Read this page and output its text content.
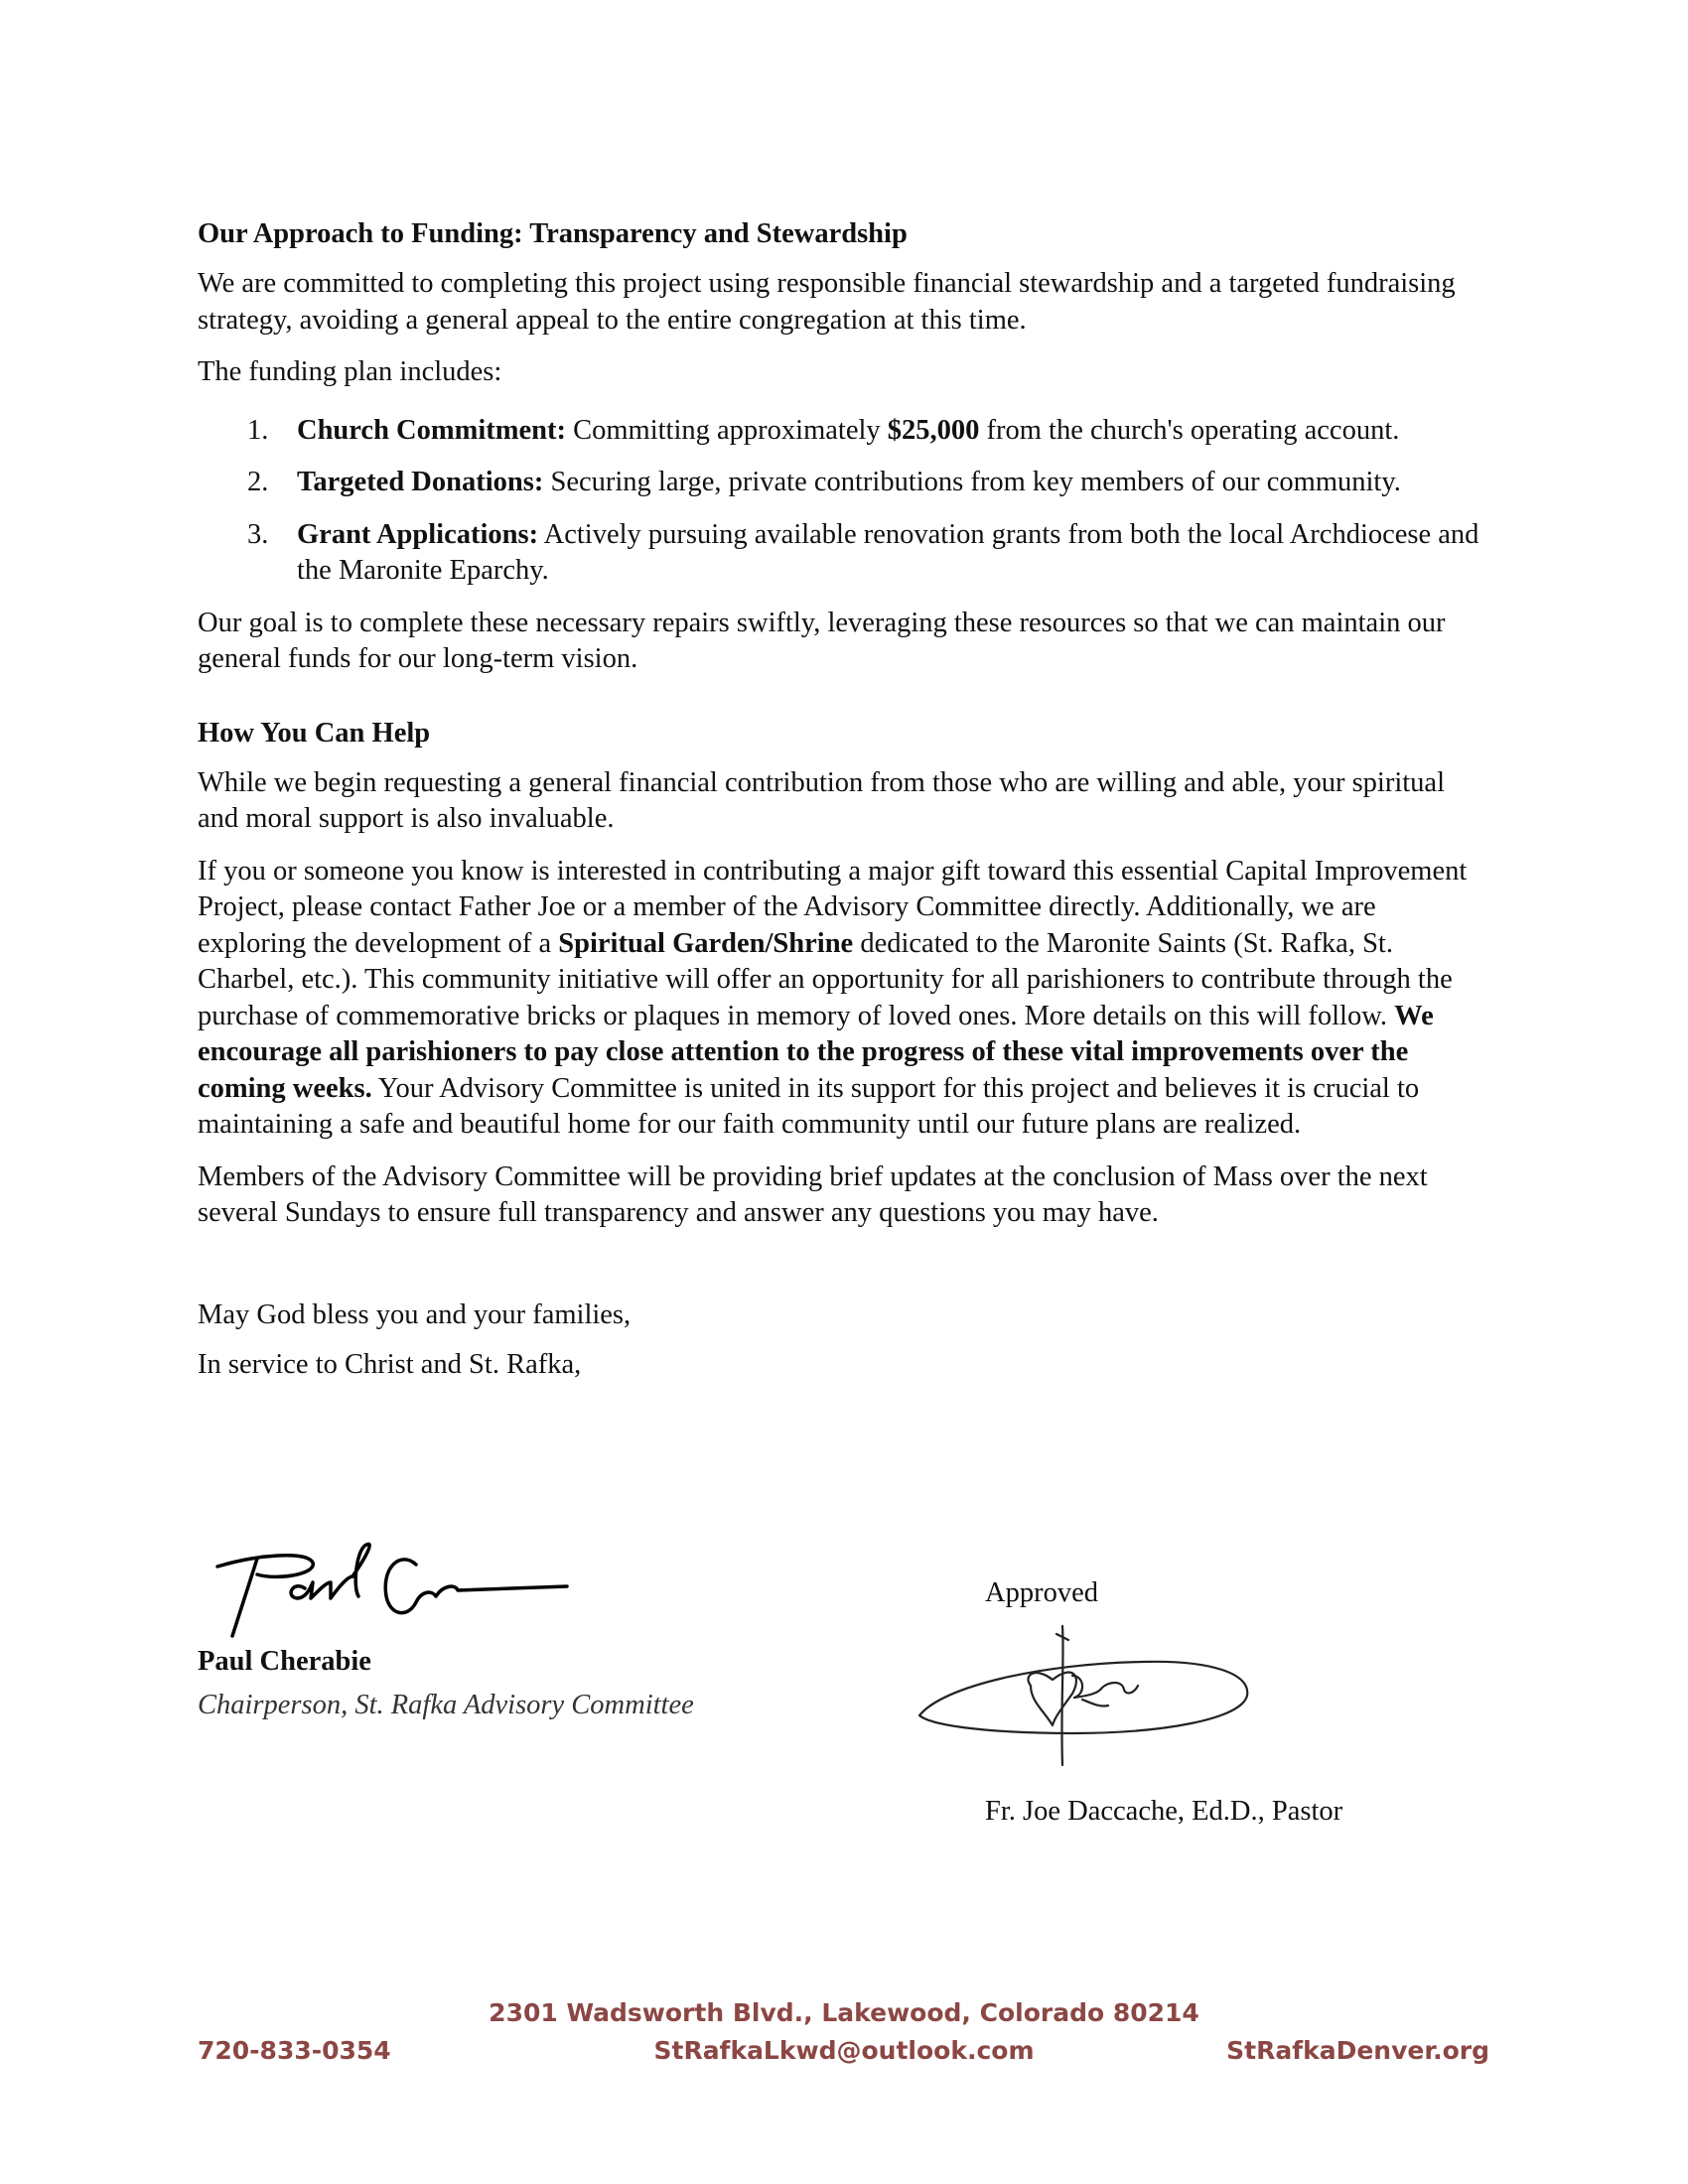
Our Approach to Funding: Transparency and Stewardship

We are committed to completing this project using responsible financial stewardship and a targeted fundraising strategy, avoiding a general appeal to the entire congregation at this time.

The funding plan includes:

1. Church Commitment: Committing approximately $25,000 from the church's operating account.
2. Targeted Donations: Securing large, private contributions from key members of our community.
3. Grant Applications: Actively pursuing available renovation grants from both the local Archdiocese and the Maronite Eparchy.

Our goal is to complete these necessary repairs swiftly, leveraging these resources so that we can maintain our general funds for our long-term vision.

How You Can Help

While we begin requesting a general financial contribution from those who are willing and able, your spiritual and moral support is also invaluable.

If you or someone you know is interested in contributing a major gift toward this essential Capital Improvement Project, please contact Father Joe or a member of the Advisory Committee directly. Additionally, we are exploring the development of a Spiritual Garden/Shrine dedicated to the Maronite Saints (St. Rafka, St. Charbel, etc.). This community initiative will offer an opportunity for all parishioners to contribute through the purchase of commemorative bricks or plaques in memory of loved ones. More details on this will follow. We encourage all parishioners to pay close attention to the progress of these vital improvements over the coming weeks. Your Advisory Committee is united in its support for this project and believes it is crucial to maintaining a safe and beautiful home for our faith community until our future plans are realized.

Members of the Advisory Committee will be providing brief updates at the conclusion of Mass over the next several Sundays to ensure full transparency and answer any questions you may have.

May God bless you and your families,

In service to Christ and St. Rafka,

Paul Cherabie
Chairperson, St. Rafka Advisory Committee
Approved
Fr. Joe Daccache, Ed.D., Pastor
2301 Wadsworth Blvd., Lakewood, Colorado 80214
720-833-0354	StRafkaLkwd@outlook.com	StRafkaDenver.org
